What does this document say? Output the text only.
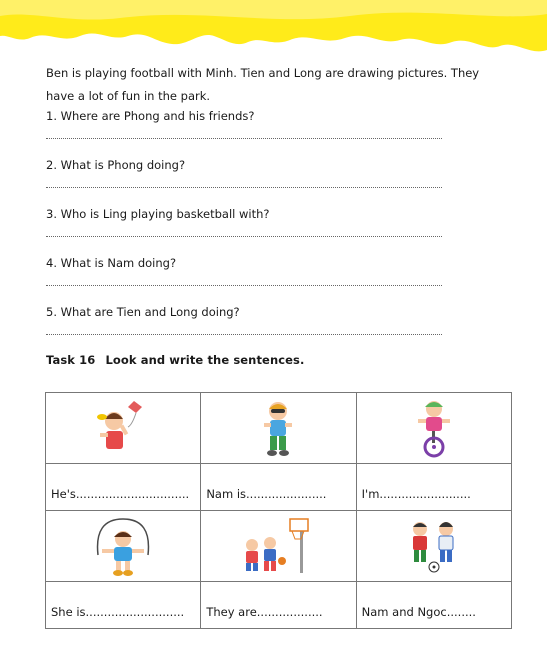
Ben is playing football with Minh. Tien and Long are drawing pictures. They have a lot of fun in the park.

1. Where are Phong and his friends?

2. What is Phong doing?

3. Who is Ling playing basketball with?

4. What is Nam doing?

5. What are Tien and Long doing?

Task 16 Look and write the sentences.

He's...............................	Nam is......................	I'm.........................

She is...........................	They are..................	Nam and Ngoc........
